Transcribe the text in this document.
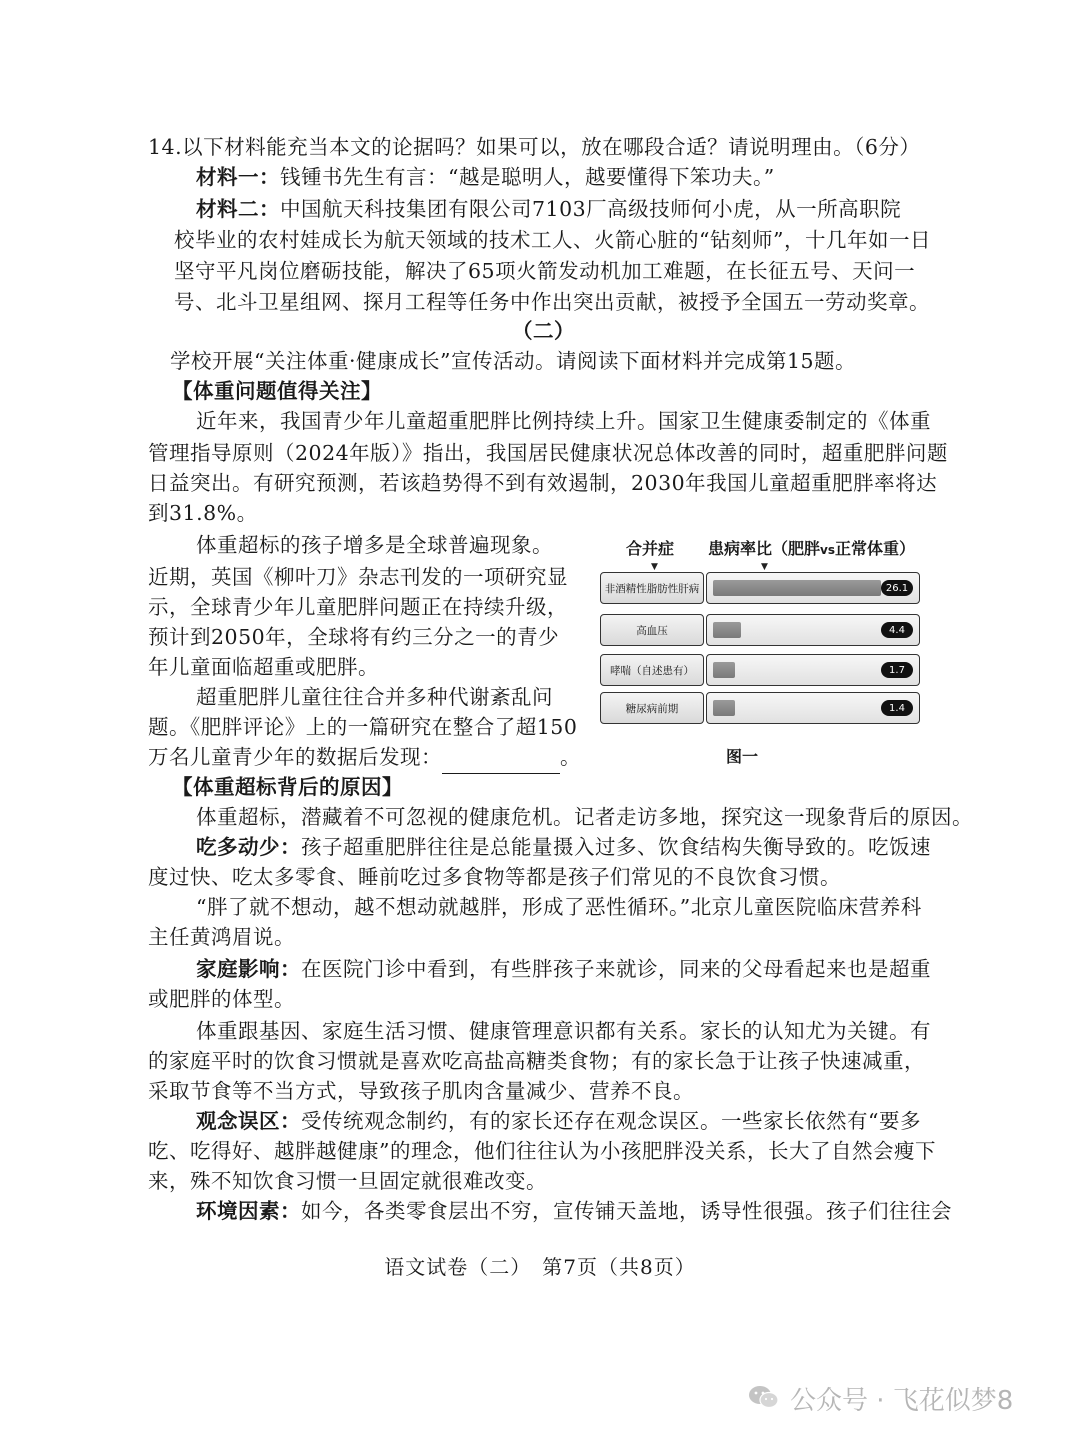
14.以下材料能充当本文的论据吗？如果可以，放在哪段合适？请说明理由。（6分）
材料一：钱锺书先生有言：“越是聪明人，越要懂得下笨功夫。”
材料二：中国航天科技集团有限公司7103厂高级技师何小虎，从一所高职院
校毕业的农村娃成长为航天领域的技术工人、火箭心脏的“钻刻师”，十几年如一日
坚守平凡岗位磨砺技能，解决了65项火箭发动机加工难题，在长征五号、天问一
号、北斗卫星组网、探月工程等任务中作出突出贡献，被授予全国五一劳动奖章。
（二）
学校开展“关注体重·健康成长”宣传活动。请阅读下面材料并完成第15题。
【体重问题值得关注】
近年来，我国青少年儿童超重肥胖比例持续上升。国家卫生健康委制定的《体重
管理指导原则（2024年版）》指出，我国居民健康状况总体改善的同时，超重肥胖问题
日益突出。有研究预测，若该趋势得不到有效遏制，2030年我国儿童超重肥胖率将达
到31.8%。
体重超标的孩子增多是全球普遍现象。
近期，英国《柳叶刀》杂志刊发的一项研究显
示，全球青少年儿童肥胖问题正在持续升级，
预计到2050年，全球将有约三分之一的青少
年儿童面临超重或肥胖。
超重肥胖儿童往往合并多种代谢紊乱问
题。《肥胖评论》上的一篇研究在整合了超150
万名儿童青少年的数据后发现：	。
合并症 患病率比（肥胖vs正常体重）
▼	▼
非酒精性脂肪性肝病	26.1
高血压	4.4
哮喘（自述患有）	1.7
糖尿病前期	1.4
图一
【体重超标背后的原因】
体重超标，潜藏着不可忽视的健康危机。记者走访多地，探究这一现象背后的原因。
吃多动少：孩子超重肥胖往往是总能量摄入过多、饮食结构失衡导致的。吃饭速
度过快、吃太多零食、睡前吃过多食物等都是孩子们常见的不良饮食习惯。
“胖了就不想动，越不想动就越胖，形成了恶性循环。”北京儿童医院临床营养科
主任黄鸿眉说。
家庭影响：在医院门诊中看到，有些胖孩子来就诊，同来的父母看起来也是超重
或肥胖的体型。
体重跟基因、家庭生活习惯、健康管理意识都有关系。家长的认知尤为关键。有
的家庭平时的饮食习惯就是喜欢吃高盐高糖类食物；有的家长急于让孩子快速减重，
采取节食等不当方式，导致孩子肌肉含量减少、营养不良。
观念误区：受传统观念制约，有的家长还存在观念误区。一些家长依然有“要多
吃、吃得好、越胖越健康”的理念，他们往往认为小孩肥胖没关系，长大了自然会瘦下
来，殊不知饮食习惯一旦固定就很难改变。
环境因素：如今，各类零食层出不穷，宣传铺天盖地，诱导性很强。孩子们往往会
语文试卷（二）　第7页（共8页）
公众号 · 飞花似梦8
